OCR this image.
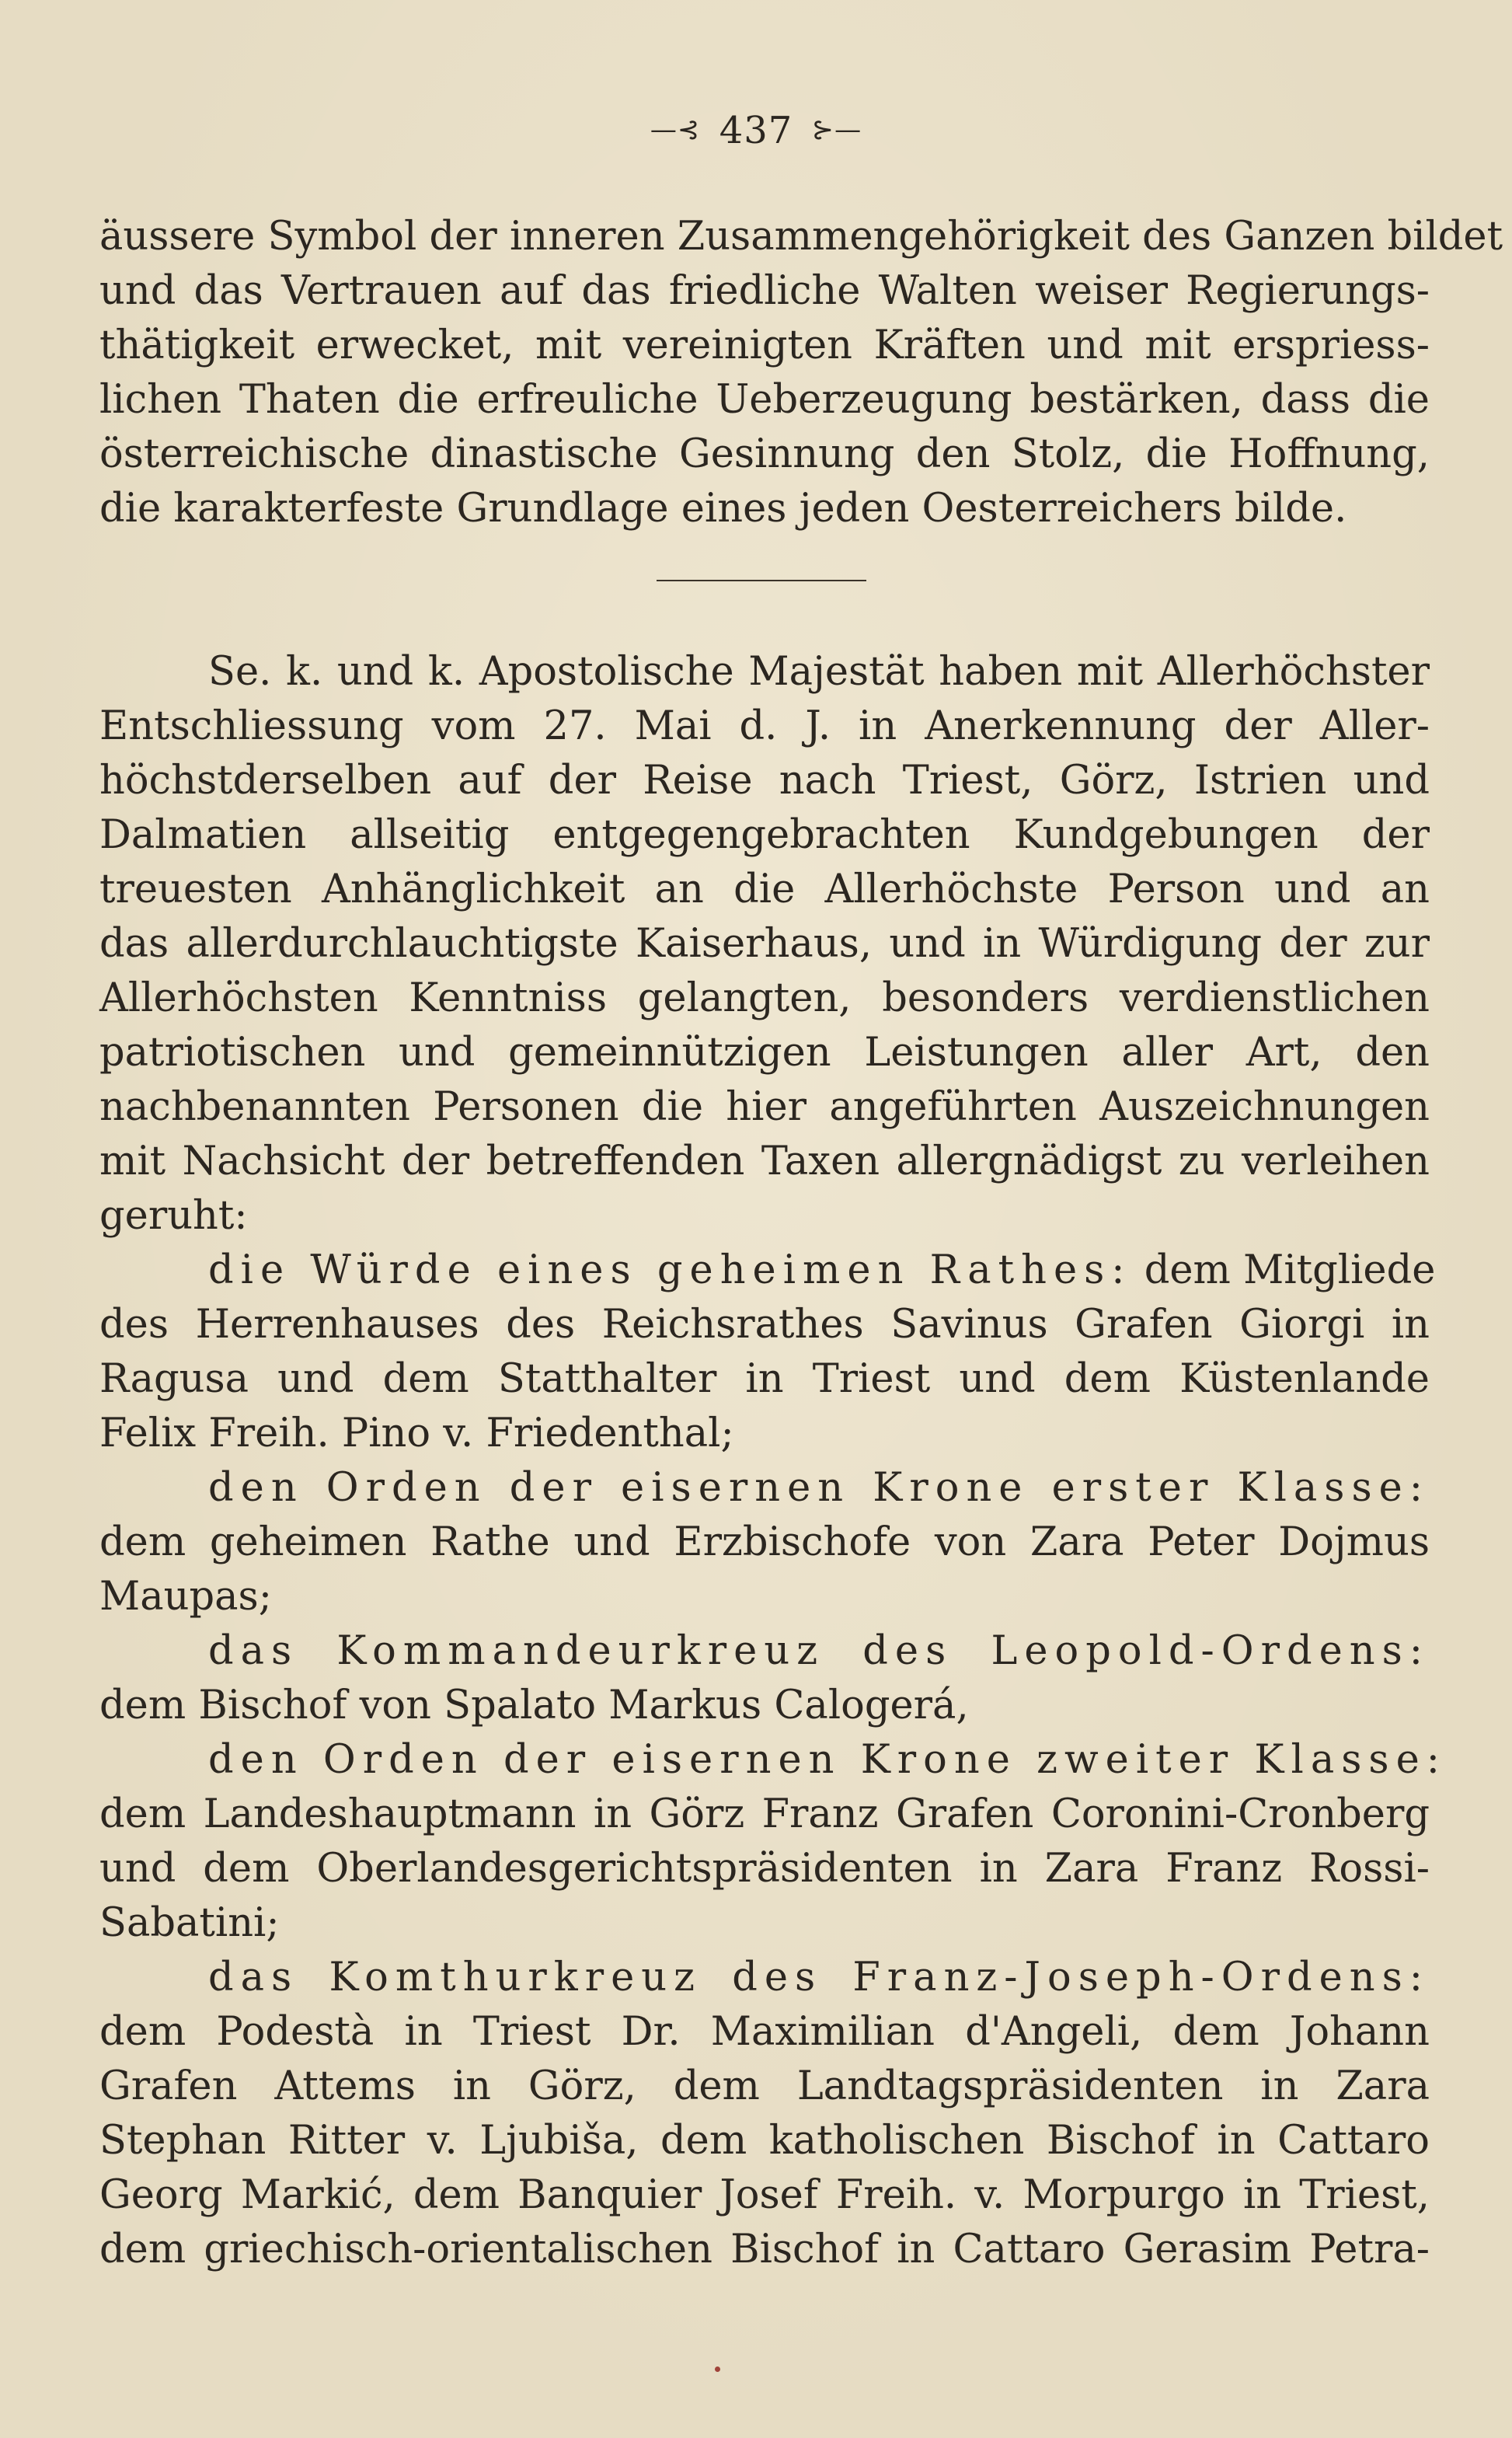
—⊰ 437 ⊱—
äussere Symbol der inneren Zusammengehörigkeit des Ganzen bildet
und das Vertrauen auf das friedliche Walten weiser Regierungs-
thätigkeit erwecket, mit vereinigten Kräften und mit erspriess-
lichen Thaten die erfreuliche Ueberzeugung bestärken, dass die
österreichische dinastische Gesinnung den Stolz, die Hoffnung,
die karakterfeste Grundlage eines jeden Oesterreichers bilde.
Se. k. und k. Apostolische Majestät haben mit Allerhöchster
Entschliessung vom 27. Mai d. J. in Anerkennung der Aller-
höchstderselben auf der Reise nach Triest, Görz, Istrien und
Dalmatien allseitig entgegengebrachten Kundgebungen der
treuesten Anhänglichkeit an die Allerhöchste Person und an
das allerdurchlauchtigste Kaiserhaus, und in Würdigung der zur
Allerhöchsten Kenntniss gelangten, besonders verdienstlichen
patriotischen und gemeinnützigen Leistungen aller Art, den
nachbenannten Personen die hier angeführten Auszeichnungen
mit Nachsicht der betreffenden Taxen allergnädigst zu verleihen
geruht:
die Würde eines geheimen Rathes: dem Mitgliede
des Herrenhauses des Reichsrathes Savinus Grafen Giorgi in
Ragusa und dem Statthalter in Triest und dem Küstenlande
Felix Freih. Pino v. Friedenthal;
den Orden der eisernen Krone erster Klasse:
dem geheimen Rathe und Erzbischofe von Zara Peter Dojmus
Maupas;
das Kommandeurkreuz des Leopold-Ordens:
dem Bischof von Spalato Markus Calogerá,
den Orden der eisernen Krone zweiter Klasse:
dem Landeshauptmann in Görz Franz Grafen Coronini-Cronberg
und dem Oberlandesgerichtspräsidenten in Zara Franz Rossi-
Sabatini;
das Komthurkreuz des Franz-Joseph-Ordens:
dem Podestà in Triest Dr. Maximilian d'Angeli, dem Johann
Grafen Attems in Görz, dem Landtagspräsidenten in Zara
Stephan Ritter v. Ljubiša, dem katholischen Bischof in Cattaro
Georg Markić, dem Banquier Josef Freih. v. Morpurgo in Triest,
dem griechisch-orientalischen Bischof in Cattaro Gerasim Petra-
